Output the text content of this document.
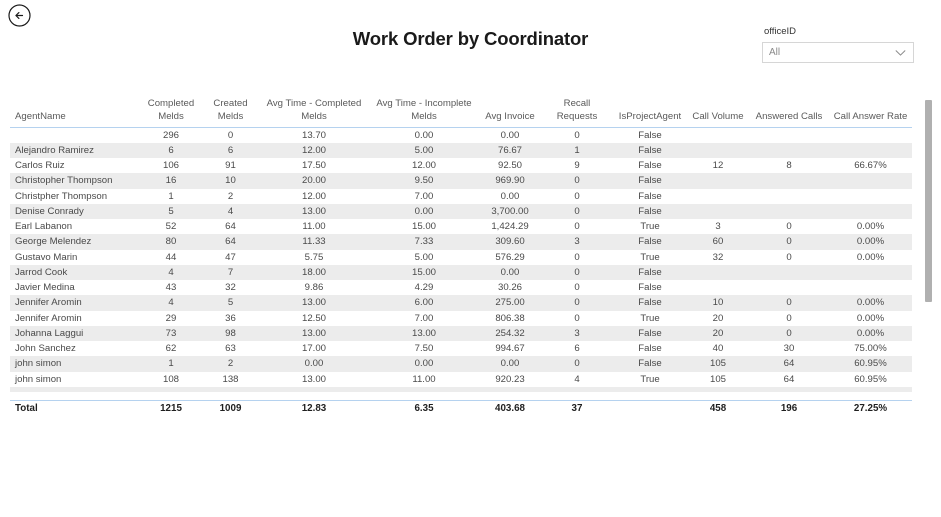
Work Order by Coordinator	officeID
All
AgentName	Completed Melds	Created Melds	Avg Time - Completed Melds	Avg Time - Incomplete Melds	Avg Invoice	Recall Requests	IsProjectAgent	Call Volume	Answered Calls	Call Answer Rate
	296	0	13.70	0.00	0.00	0	False			
Alejandro Ramirez	6	6	12.00	5.00	76.67	1	False			
Carlos Ruiz	106	91	17.50	12.00	92.50	9	False	12	8	66.67%
Christopher Thompson	16	10	20.00	9.50	969.90	0	False			
Christpher Thompson	1	2	12.00	7.00	0.00	0	False			
Denise Conrady	5	4	13.00	0.00	3,700.00	0	False			
Earl Labanon	52	64	11.00	15.00	1,424.29	0	True	3	0	0.00%
George Melendez	80	64	11.33	7.33	309.60	3	False	60	0	0.00%
Gustavo Marin	44	47	5.75	5.00	576.29	0	True	32	0	0.00%
Jarrod Cook	4	7	18.00	15.00	0.00	0	False			
Javier Medina	43	32	9.86	4.29	30.26	0	False			
Jennifer Aromin	4	5	13.00	6.00	275.00	0	False	10	0	0.00%
Jennifer Aromin	29	36	12.50	7.00	806.38	0	True	20	0	0.00%
Johanna Laggui	73	98	13.00	13.00	254.32	3	False	20	0	0.00%
John Sanchez	62	63	17.00	7.50	994.67	6	False	40	30	75.00%
john simon	1	2	0.00	0.00	0.00	0	False	105	64	60.95%
john simon	108	138	13.00	11.00	920.23	4	True	105	64	60.95%

Total	1215	1009	12.83	6.35	403.68	37		458	196	27.25%
